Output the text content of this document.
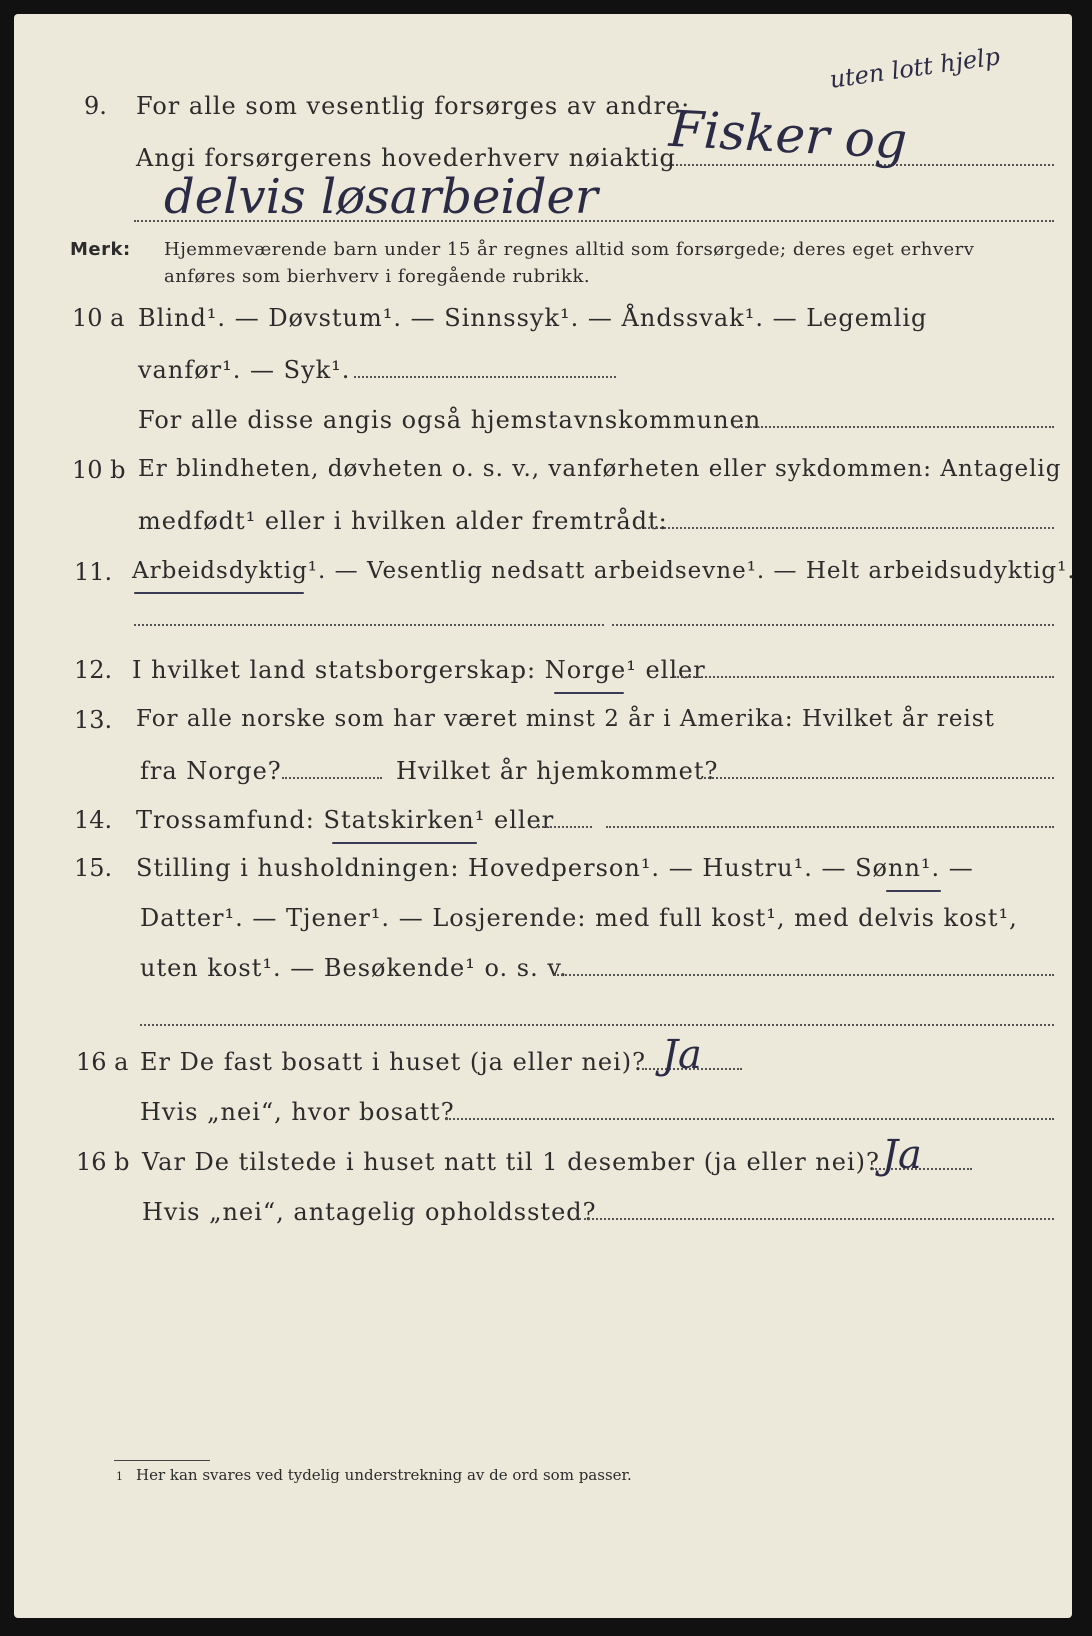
9. For alle som vesentlig forsørges av andre:
Angi forsørgerens hovederhverv nøiaktig
Fisker og
uten lott hjelp
delvis løsarbeider
Merk: Hjemmeværende barn under 15 år regnes alltid som forsørgede; deres eget erhverv
anføres som bierhverv i foregående rubrikk.
10 a Blind¹. — Døvstum¹. — Sinnssyk¹. — Åndssvak¹. — Legemlig
vanfør¹. — Syk¹.
For alle disse angis også hjemstavnskommunen
10 b Er blindheten, døvheten o. s. v., vanførheten eller sykdommen: Antagelig
medfødt¹ eller i hvilken alder fremtrådt:
11. Arbeidsdyktig¹. — Vesentlig nedsatt arbeidsevne¹. — Helt arbeidsudyktig¹.
12. I hvilket land statsborgerskap: Norge¹ eller
13. For alle norske som har været minst 2 år i Amerika: Hvilket år reist
fra Norge?	Hvilket år hjemkommet?
14. Trossamfund: Statskirken¹ eller
15. Stilling i husholdningen: Hovedperson¹. — Hustru¹. — Sønn¹. —
Datter¹. — Tjener¹. — Losjerende: med full kost¹, med delvis kost¹,
uten kost¹. — Besøkende¹ o. s. v.
16 a Er De fast bosatt i huset (ja eller nei)? Ja
Hvis „nei“, hvor bosatt?
16 b Var De tilstede i huset natt til 1 desember (ja eller nei)? Ja
Hvis „nei“, antagelig opholdssted?
1 Her kan svares ved tydelig understrekning av de ord som passer.
